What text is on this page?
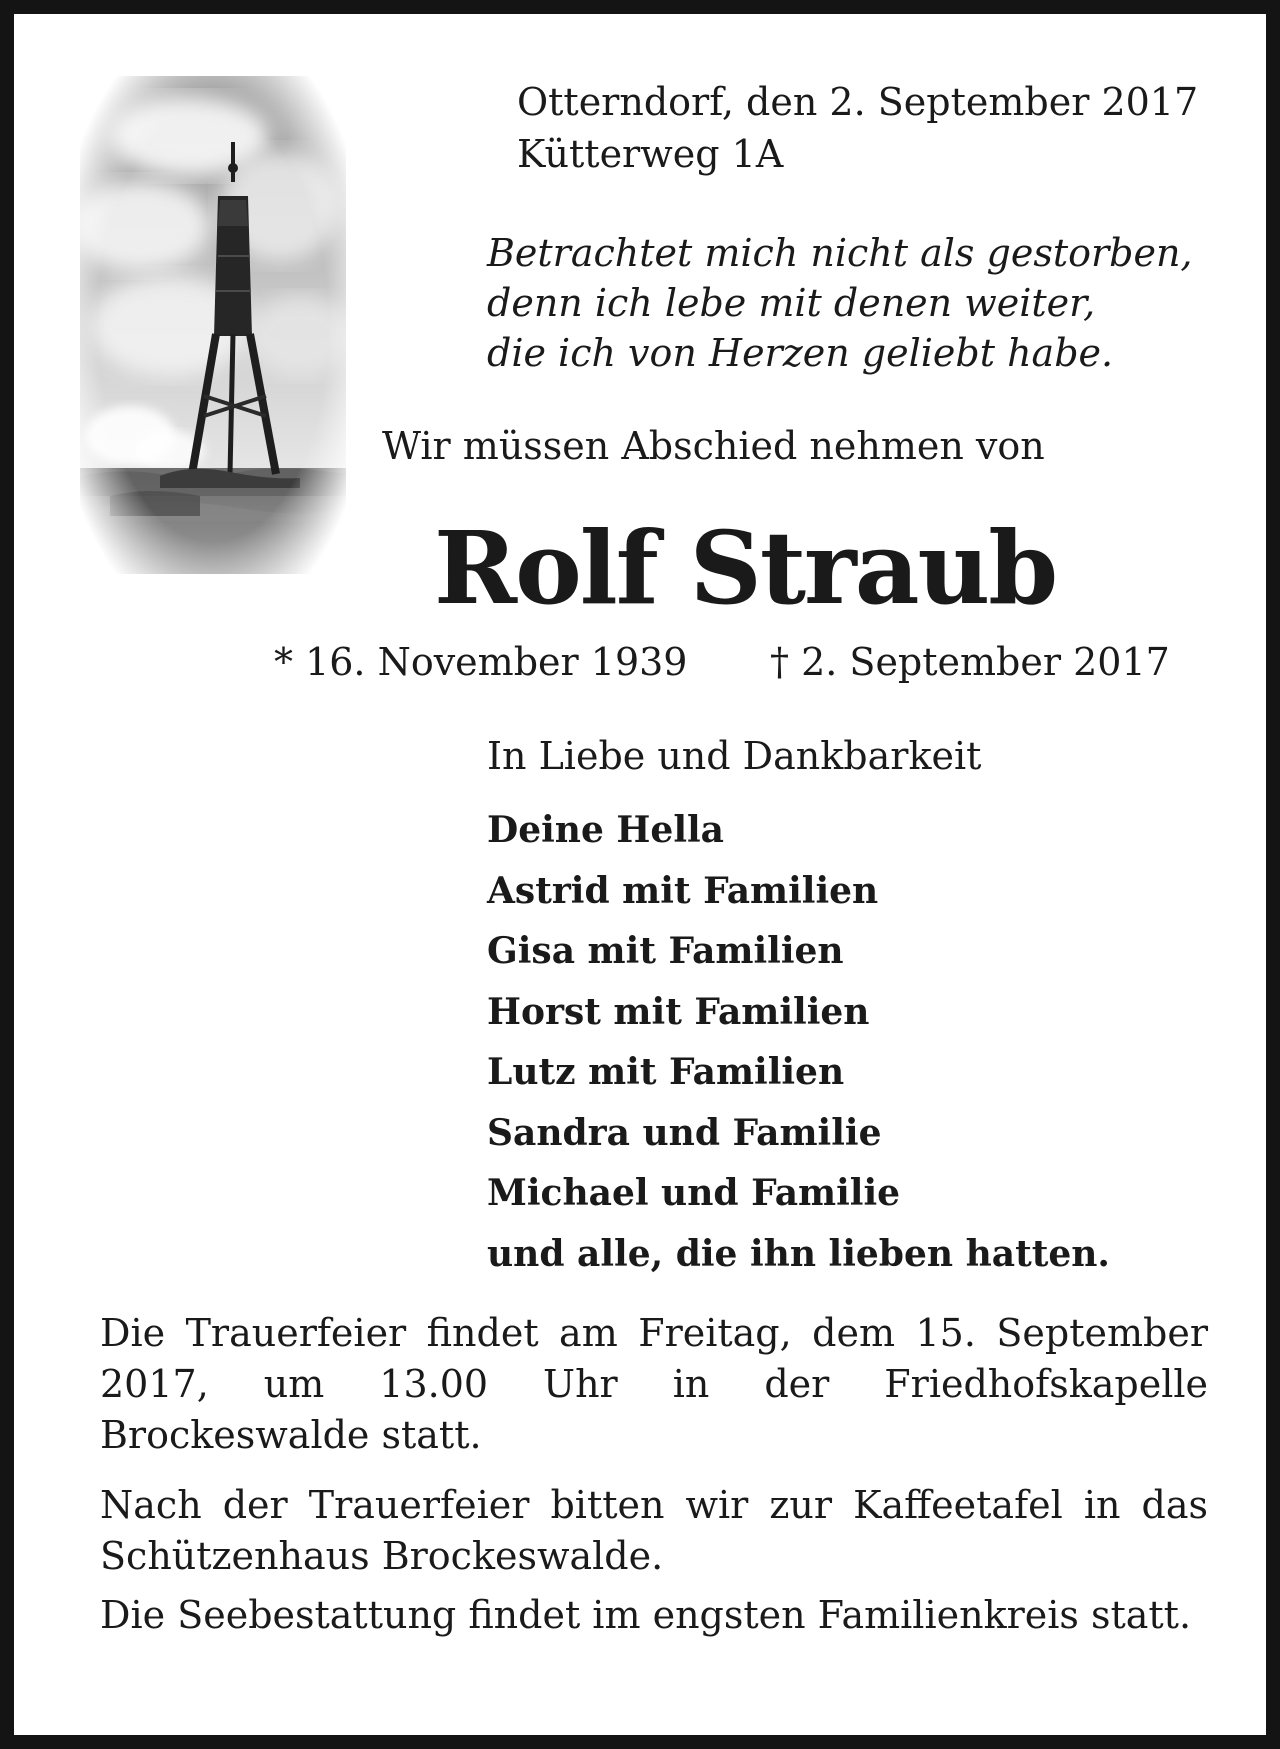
Otterndorf, den 2. September 2017
Kütterweg 1A
Betrachtet mich nicht als gestorben,
denn ich lebe mit denen weiter,
die ich von Herzen geliebt habe.
Wir müssen Abschied nehmen von
Rolf Straub
* 16. November 1939 † 2. September 2017
In Liebe und Dankbarkeit
Deine Hella
Astrid mit Familien
Gisa mit Familien
Horst mit Familien
Lutz mit Familien
Sandra und Familie
Michael und Familie
und alle, die ihn lieben hatten.
Die Trauerfeier findet am Freitag, dem 15. September 2017, um 13.00 Uhr in der Friedhofskapelle Brockeswalde statt.
Nach der Trauerfeier bitten wir zur Kaffeetafel in das Schützenhaus Brockeswalde.
Die Seebestattung findet im engsten Familienkreis statt.
